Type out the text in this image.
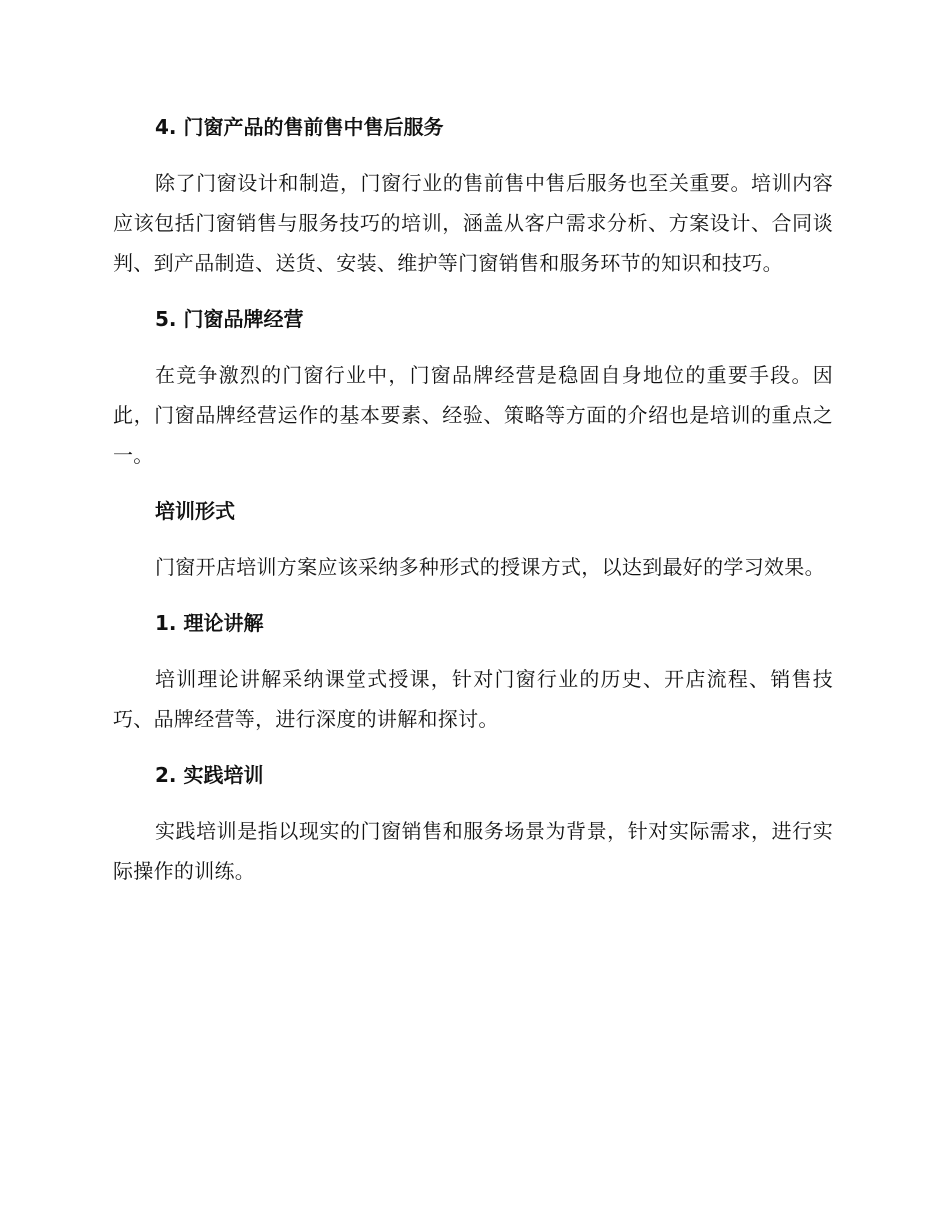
4. 门窗产品的售前售中售后服务

除了门窗设计和制造，门窗行业的售前售中售后服务也至关重要。培训内容应该包括门窗销售与服务技巧的培训，涵盖从客户需求分析、方案设计、合同谈判、到产品制造、送货、安装、维护等门窗销售和服务环节的知识和技巧。

5. 门窗品牌经营

在竞争激烈的门窗行业中，门窗品牌经营是稳固自身地位的重要手段。因此，门窗品牌经营运作的基本要素、经验、策略等方面的介绍也是培训的重点之一。

培训形式

门窗开店培训方案应该采纳多种形式的授课方式，以达到最好的学习效果。

1. 理论讲解

培训理论讲解采纳课堂式授课，针对门窗行业的历史、开店流程、销售技巧、品牌经营等，进行深度的讲解和探讨。

2. 实践培训

实践培训是指以现实的门窗销售和服务场景为背景，针对实际需求，进行实际操作的训练。
